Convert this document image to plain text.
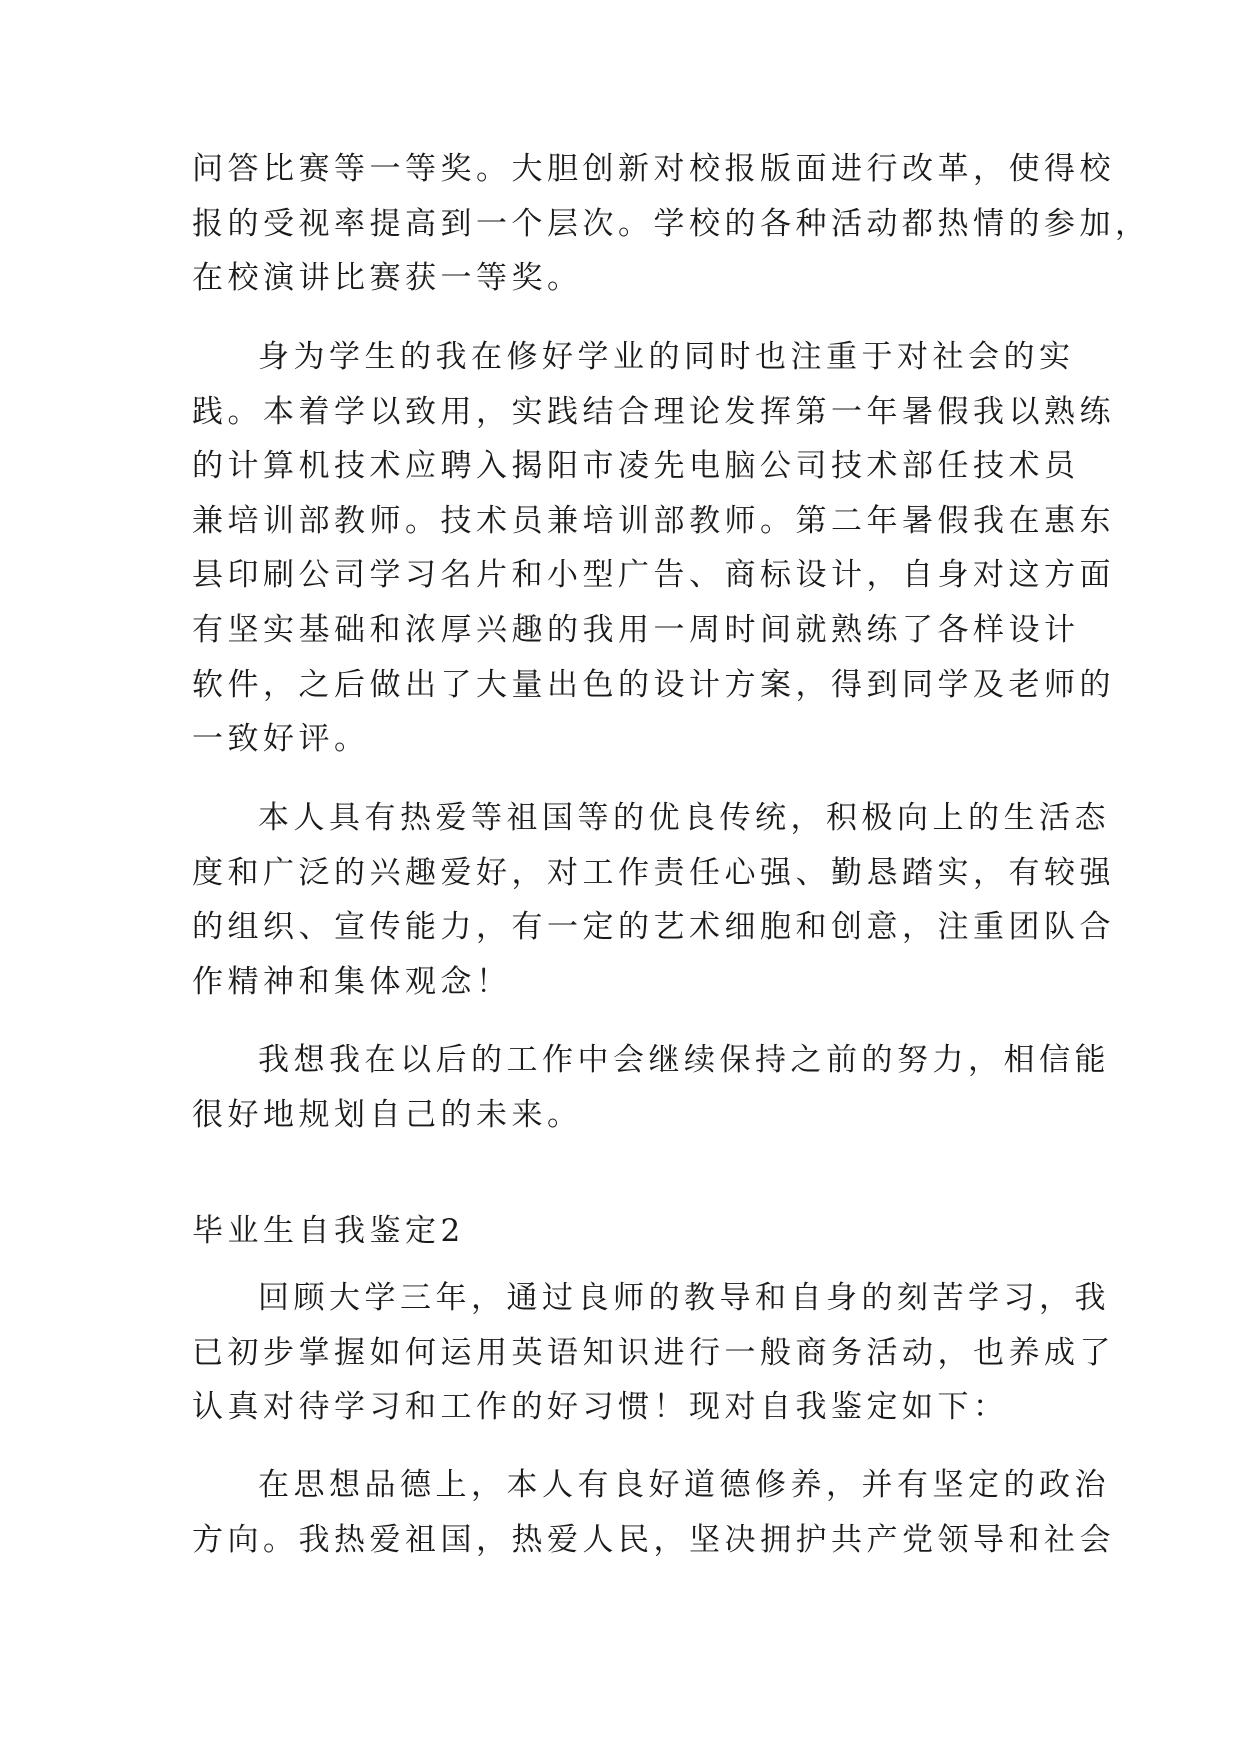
问答比赛等一等奖。大胆创新对校报版面进行改革，使得校

报的受视率提高到一个层次。学校的各种活动都热情的参加，

在校演讲比赛获一等奖。

身为学生的我在修好学业的同时也注重于对社会的实

践。本着学以致用，实践结合理论发挥第一年暑假我以熟练

的计算机技术应聘入揭阳市凌先电脑公司技术部任技术员

兼培训部教师。技术员兼培训部教师。第二年暑假我在惠东

县印刷公司学习名片和小型广告、商标设计，自身对这方面

有坚实基础和浓厚兴趣的我用一周时间就熟练了各样设计

软件，之后做出了大量出色的设计方案，得到同学及老师的

一致好评。

本人具有热爱等祖国等的优良传统，积极向上的生活态

度和广泛的兴趣爱好，对工作责任心强、勤恳踏实，有较强

的组织、宣传能力，有一定的艺术细胞和创意，注重团队合

作精神和集体观念！

我想我在以后的工作中会继续保持之前的努力，相信能

很好地规划自己的未来。

毕业生自我鉴定2

回顾大学三年，通过良师的教导和自身的刻苦学习，我

已初步掌握如何运用英语知识进行一般商务活动，也养成了

认真对待学习和工作的好习惯！现对自我鉴定如下：

在思想品德上，本人有良好道德修养，并有坚定的政治

方向。我热爱祖国，热爱人民，坚决拥护共产党领导和社会
